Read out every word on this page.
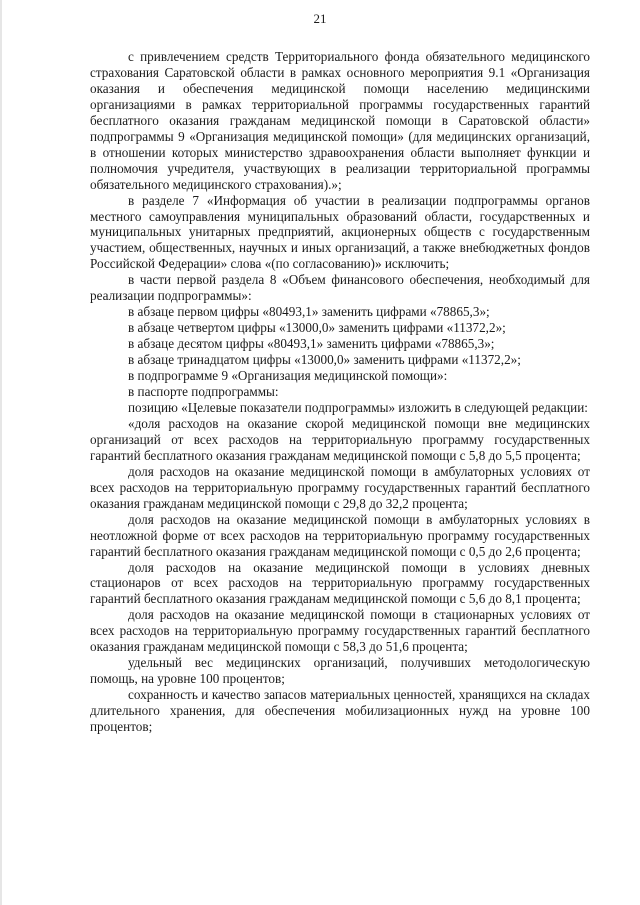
21

с привлечением средств Территориального фонда обязательного медицинского страхования Саратовской области в рамках основного мероприятия 9.1 «Организация оказания и обеспечения медицинской помощи населению медицинскими организациями в рамках территориальной программы государственных гарантий бесплатного оказания гражданам медицинской помощи в Саратовской области» подпрограммы 9 «Организация медицинской помощи» (для медицинских организаций, в отношении которых министерство здравоохранения области выполняет функции и полномочия учредителя, участвующих в реализации территориальной программы обязательного медицинского страхования).»;

в разделе 7 «Информация об участии в реализации подпрограммы органов местного самоуправления муниципальных образований области, государственных и муниципальных унитарных предприятий, акционерных обществ с государственным участием, общественных, научных и иных организаций, а также внебюджетных фондов Российской Федерации» слова «(по согласованию)» исключить;

в части первой раздела 8 «Объем финансового обеспечения, необходимый для реализации подпрограммы»:

в абзаце первом цифры «80493,1» заменить цифрами «78865,3»;

в абзаце четвертом цифры «13000,0» заменить цифрами «11372,2»;

в абзаце десятом цифры «80493,1» заменить цифрами «78865,3»;

в абзаце тринадцатом цифры «13000,0» заменить цифрами «11372,2»;

в подпрограмме 9 «Организация медицинской помощи»:

в паспорте подпрограммы:

позицию «Целевые показатели подпрограммы» изложить в следующей редакции:

«доля расходов на оказание скорой медицинской помощи вне медицинских организаций от всех расходов на территориальную программу государственных гарантий бесплатного оказания гражданам медицинской помощи с 5,8 до 5,5 процента;

доля расходов на оказание медицинской помощи в амбулаторных условиях от всех расходов на территориальную программу государственных гарантий бесплатного оказания гражданам медицинской помощи с 29,8 до 32,2 процента;

доля расходов на оказание медицинской помощи в амбулаторных условиях в неотложной форме от всех расходов на территориальную программу государственных гарантий бесплатного оказания гражданам медицинской помощи с 0,5 до 2,6 процента;

доля расходов на оказание медицинской помощи в условиях дневных стационаров от всех расходов на территориальную программу государственных гарантий бесплатного оказания гражданам медицинской помощи с 5,6 до 8,1 процента;

доля расходов на оказание медицинской помощи в стационарных условиях от всех расходов на территориальную программу государственных гарантий бесплатного оказания гражданам медицинской помощи с 58,3 до 51,6 процента;

удельный вес медицинских организаций, получивших методологическую помощь, на уровне 100 процентов;

сохранность и качество запасов материальных ценностей, хранящихся на складах длительного хранения, для обеспечения мобилизационных нужд на уровне 100 процентов;
